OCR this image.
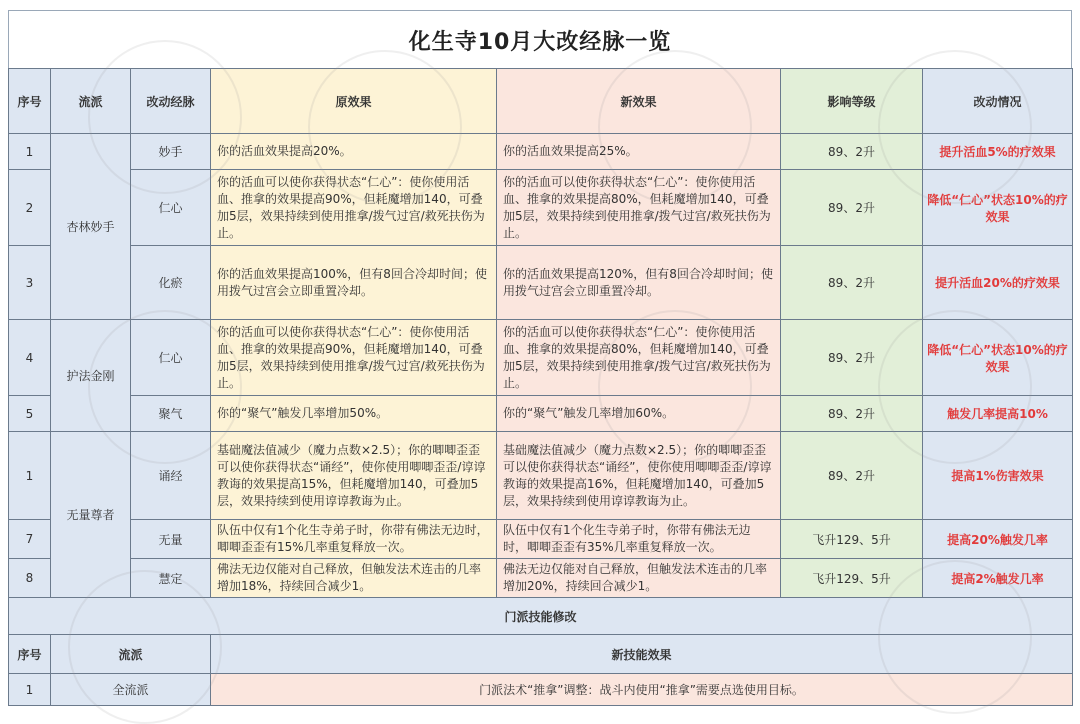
化生寺10月大改经脉一览
序号	流派	改动经脉	原效果	新效果	影响等级	改动情况
1	杏林妙手	妙手	你的活血效果提高20%。	你的活血效果提高25%。	89、2升	提升活血5%的疗效果
2		仁心	你的活血可以使你获得状态“仁心”：使你使用活血、推拿的效果提高90%，但耗魔增加140，可叠加5层，效果持续到使用推拿/拨气过宫/救死扶伤为止。	你的活血可以使你获得状态“仁心”：使你使用活血、推拿的效果提高80%，但耗魔增加140，可叠加5层，效果持续到使用推拿/拨气过宫/救死扶伤为止。	89、2升	降低“仁心”状态10%的疗效果
3		化瘀	你的活血效果提高100%，但有8回合冷却时间；使用拨气过宫会立即重置冷却。	你的活血效果提高120%，但有8回合冷却时间；使用拨气过宫会立即重置冷却。	89、2升	提升活血20%的疗效果
4	护法金刚	仁心	你的活血可以使你获得状态“仁心”：使你使用活血、推拿的效果提高90%，但耗魔增加140，可叠加5层，效果持续到使用推拿/拨气过宫/救死扶伤为止。	你的活血可以使你获得状态“仁心”：使你使用活血、推拿的效果提高80%，但耗魔增加140，可叠加5层，效果持续到使用推拿/拨气过宫/救死扶伤为止。	89、2升	降低“仁心”状态10%的疗效果
5		聚气	你的“聚气”触发几率增加50%。	你的“聚气”触发几率增加60%。	89、2升	触发几率提高10%
1	无量尊者	诵经	基础魔法值减少（魔力点数×2.5）；你的唧唧歪歪可以使你获得状态“诵经”，使你使用唧唧歪歪/谆谆教诲的效果提高15%，但耗魔增加140，可叠加5层，效果持续到使用谆谆教诲为止。	基础魔法值减少（魔力点数×2.5）；你的唧唧歪歪可以使你获得状态“诵经”，使你使用唧唧歪歪/谆谆教诲的效果提高16%，但耗魔增加140，可叠加5层，效果持续到使用谆谆教诲为止。	89、2升	提高1%伤害效果
7		无量	队伍中仅有1个化生寺弟子时，你带有佛法无边时，唧唧歪歪有15%几率重复释放一次。	队伍中仅有1个化生寺弟子时，你带有佛法无边时，唧唧歪歪有35%几率重复释放一次。	飞升129、5升	提高20%触发几率
8		慧定	佛法无边仅能对自己释放，但触发法术连击的几率增加18%，持续回合减少1。	佛法无边仅能对自己释放，但触发法术连击的几率增加20%，持续回合减少1。	飞升129、5升	提高2%触发几率
门派技能修改						
序号	流派		新技能效果			
1	全流派		门派法术“推拿”调整：战斗内使用“推拿”需要点选使用目标。			
